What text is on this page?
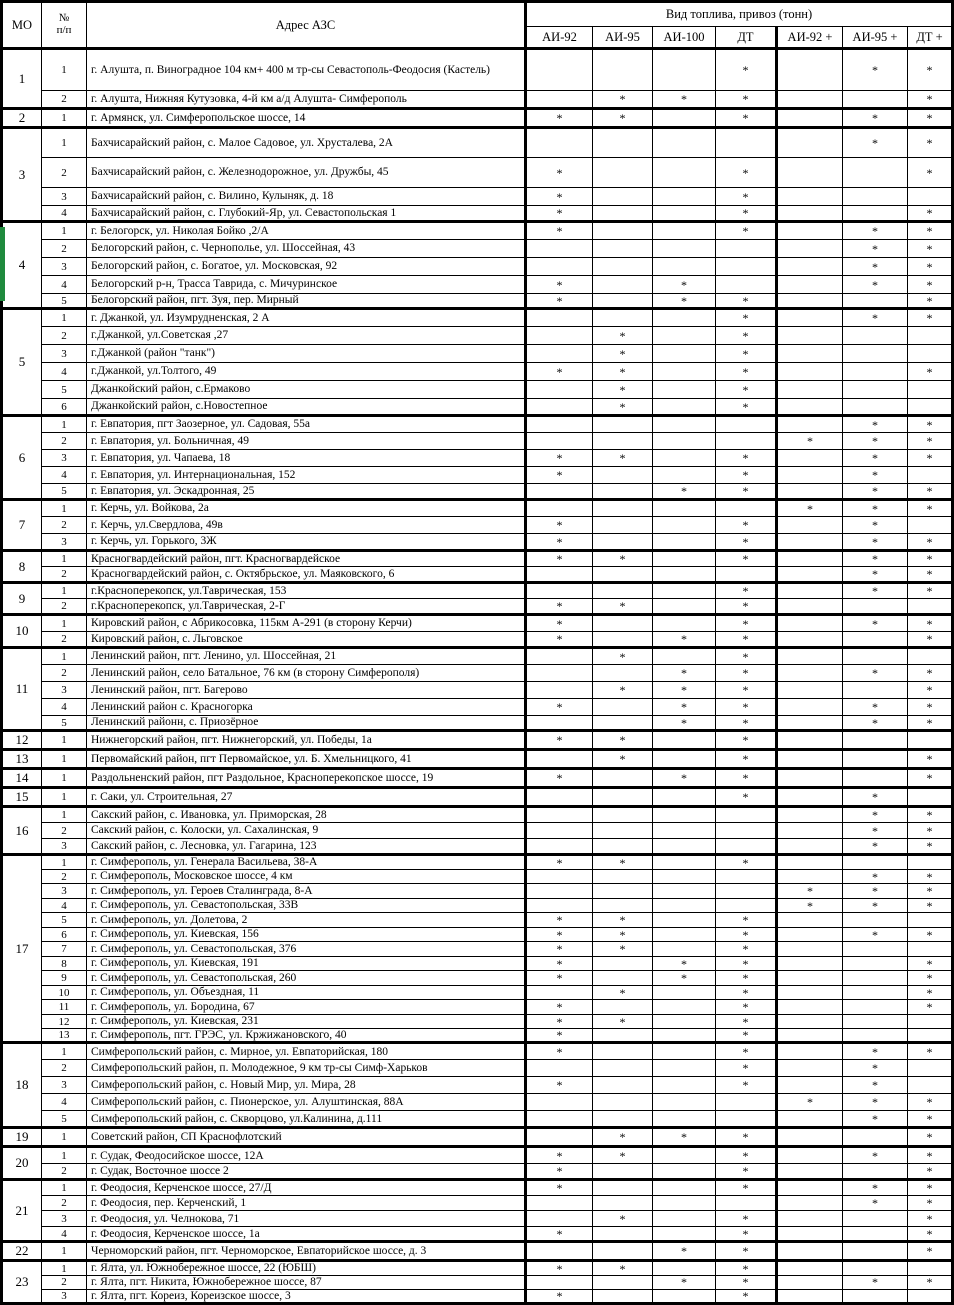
МО	№
п/п	Адрес АЗС	Вид топлива, привоз (тонн)						
			АИ-92	АИ-95	АИ-100	ДТ	АИ-92 +	АИ-95 +	ДТ +
1	1	г. Алушта, п. Виноградное 104 км+ 400 м тр-сы Севастополь-Феодосия (Кастель)				*		*	*
	2	г. Алушта, Нижняя Кутузовка, 4-й км а/д Алушта- Симферополь		*	*	*			*
2	1	г. Армянск, ул. Симферопольское шоссе, 14	*	*		*		*	*
3	1	Бахчисарайский район, с. Малое Садовое, ул. Хрусталева, 2А						*	*
	2	Бахчисарайский район, с. Железнодорожное, ул. Дружбы, 45	*			*			*
	3	Бахчисарайский район, с. Вилино, Кулыняк, д. 18	*			*			
	4	Бахчисарайский район, с. Глубокий-Яр, ул. Севастопольская 1	*			*			*
4	1	г. Белогорск, ул. Николая Бойко ,2/А	*			*		*	*
	2	Белогорский район, с. Чернополье, ул. Шоссейная, 43						*	*
	3	Белогорский район, с. Богатое, ул. Московская, 92						*	*
	4	Белогорский р-н, Трасса Таврида, с. Мичуринское	*		*			*	*
	5	Белогорский район, пгт. Зуя, пер. Мирный	*		*	*			*
5	1	г. Джанкой, ул. Изумрудненская, 2 А				*		*	*
	2	г.Джанкой, ул.Советская ,27		*		*			
	3	г.Джанкой (район "танк")		*		*			
	4	г.Джанкой, ул.Толтого, 49	*	*		*			*
	5	Джанкойский район, с.Ермаково		*		*			
	6	Джанкойский район, с.Новостепное		*		*			
6	1	г. Евпатория, пгт Заозерное, ул. Садовая, 55а						*	*
	2	г. Евпатория, ул. Больничная, 49					*	*	*
	3	г. Евпатория, ул. Чапаева, 18	*	*		*		*	*
	4	г. Евпатория, ул. Интернациональная, 152	*			*		*	
	5	г. Евпатория, ул. Эскадронная, 25			*	*		*	*
7	1	г. Керчь, ул. Войкова, 2а					*	*	*
	2	г. Керчь, ул.Свердлова, 49в	*			*		*	
	3	г. Керчь, ул. Горького, 3Ж	*			*		*	*
8	1	Красногвардейский район, пгт. Красногвардейское	*	*		*		*	*
	2	Красногвардейский район, с. Октябрьское, ул. Маяковского, 6						*	*
9	1	г.Красноперекопск, ул.Таврическая, 153				*		*	*
	2	г.Красноперекопск, ул.Таврическая, 2-Г	*	*		*			
10	1	Кировский район, с Абрикосовка, 115км А-291 (в сторону Керчи)	*			*		*	*
	2	Кировский район, с. Льговское	*		*	*			*
11	1	Ленинский район, пгт. Ленино, ул. Шоссейная, 21		*		*			
	2	Ленинский район, село Батальное, 76 км (в сторону Симферополя)			*	*		*	*
	3	Ленинский район, пгт. Багерово		*	*	*			*
	4	Ленинский район с. Красногорка	*		*	*		*	*
	5	Ленинский районн, с. Приозёрное			*	*		*	*
12	1	Нижнегорский район, пгт. Нижнегорский, ул. Победы, 1а	*	*		*			
13	1	Первомайский район, пгт Первомайское, ул. Б. Хмельницкого, 41		*		*			*
14	1	Раздольненский район, пгт Раздольное, Красноперекопское шоссе, 19	*		*	*			*
15	1	г. Саки, ул. Строительная, 27				*		*	
16	1	Сакский район, с. Ивановка, ул. Приморская, 28						*	*
	2	Сакский район, с. Колоски, ул. Сахалинская, 9						*	*
	3	Сакский район, с. Лесновка, ул. Гагарина, 123						*	*
17	1	г. Симферополь, ул. Генерала Васильева, 38-А	*	*		*			
	2	г. Симферополь, Московское шоссе, 4 км						*	*
	3	г. Симферополь, ул. Героев Сталинграда, 8-А					*	*	*
	4	г. Симферополь, ул. Севастопольская, 33В					*	*	*
	5	г. Симферополь, ул. Долетова, 2	*	*		*			
	6	г. Симферополь, ул. Киевская, 156	*	*		*		*	*
	7	г. Симферополь, ул. Севастопольская, 376	*	*		*			
	8	г. Симферополь, ул. Киевская, 191	*		*	*			*
	9	г. Симферополь, ул. Севастопольская, 260	*		*	*			*
	10	г. Симферополь, ул. Объездная, 11		*		*			*
	11	г. Симферополь, ул. Бородина, 67	*			*			*
	12	г. Симферополь, ул. Киевская, 231	*	*		*			
	13	г. Симферополь, пгт. ГРЭС, ул. Кржижановского, 40	*			*			
18	1	Симферопольский район, с. Мирное, ул. Евпаторийская, 180	*			*		*	*
	2	Симферопольский район, п. Молодежное, 9 км тр-сы Симф-Харьков				*		*	
	3	Симферопольский район, с. Новый Мир, ул. Мира, 28	*			*		*	
	4	Симферопольский район, с. Пионерское, ул. Алуштинская, 88А					*	*	*
	5	Симферопольский район, с. Скворцово, ул.Калинина, д.111						*	*
19	1	Советский район, СП Краснофлотский		*	*	*			*
20	1	г. Судак, Феодосийское шоссе, 12А	*	*		*		*	*
	2	г. Судак, Восточное шоссе 2	*			*			*
21	1	г. Феодосия, Керченское шоссе, 27/Д	*			*		*	*
	2	г. Феодосия, пер. Керченский, 1						*	*
	3	г. Феодосия, ул. Челнокова, 71		*		*			*
	4	г. Феодосия, Керченское шоссе, 1а	*			*			*
22	1	Черноморский район, пгт. Черноморское, Евпаторийское шоссе, д. 3			*	*			*
23	1	г. Ялта, ул. Южнобережное шоссе, 22 (ЮБШ)	*	*		*			
	2	г. Ялта, пгт. Никита, Южнобережное шоссе, 87			*	*		*	*
	3	г. Ялта, пгт. Кореиз, Кореизское шоссе, 3	*			*			
